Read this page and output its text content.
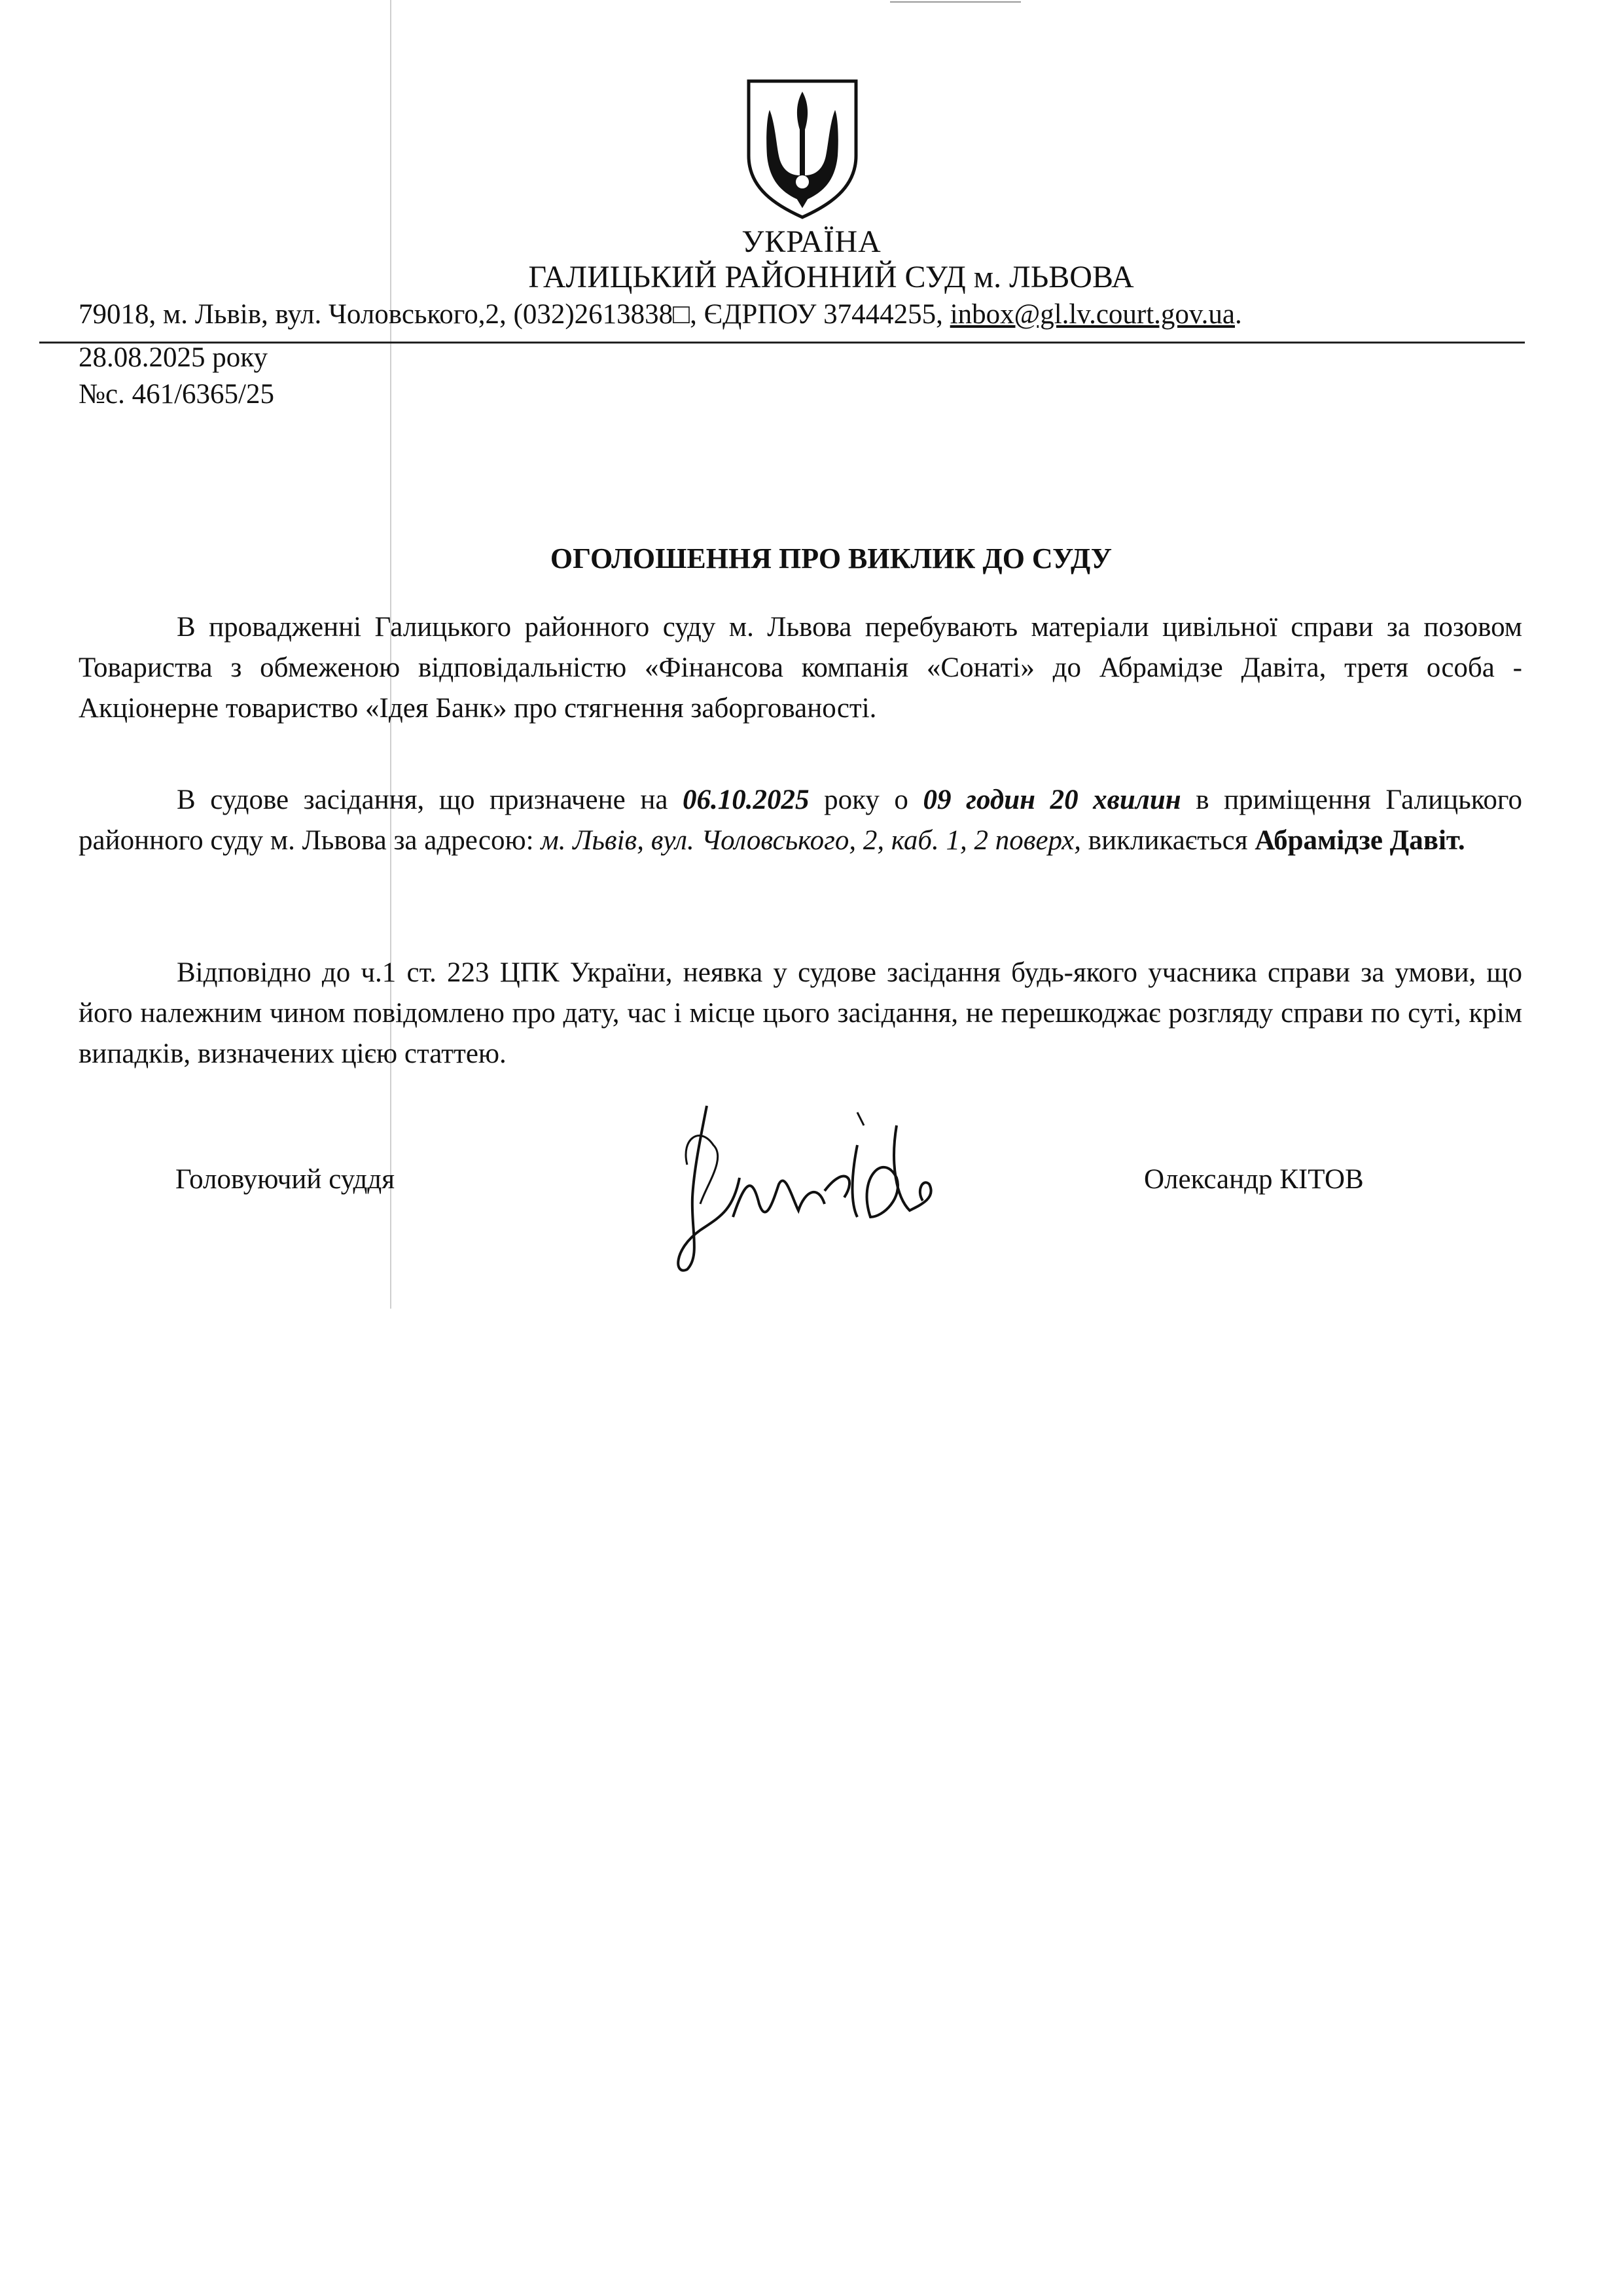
УКРАЇНА
ГАЛИЦЬКИЙ РАЙОННИЙ СУД м. ЛЬВОВА
79018, м. Львів, вул. Чоловського,2, (032)2613838□, ЄДРПОУ 37444255, inbox@gl.lv.court.gov.ua.
28.08.2025 року
№с. 461/6365/25
ОГОЛОШЕННЯ ПРО ВИКЛИК ДО СУДУ

В провадженні Галицького районного суду м. Львова перебувають матеріали цивільної справи за позовом Товариства з обмеженою відповідальністю «Фінансова компанія «Сонаті» до Абрамідзе Давіта, третя особа - Акціонерне товариство «Ідея Банк» про стягнення заборгованості.

В судове засідання, що призначене на 06.10.2025 року о 09 годин 20 хвилин в приміщення Галицького районного суду м. Львова за адресою: м. Львів, вул. Чоловського, 2, каб. 1, 2 поверх, викликається Абрамідзе Давіт.

Відповідно до ч.1 ст. 223 ЦПК України, неявка у судове засідання будь-якого учасника справи за умови, що його належним чином повідомлено про дату, час і місце цього засідання, не перешкоджає розгляду справи по суті, крім випадків, визначених цією статтею.

Головуючий суддя	Олександр КІТОВ
